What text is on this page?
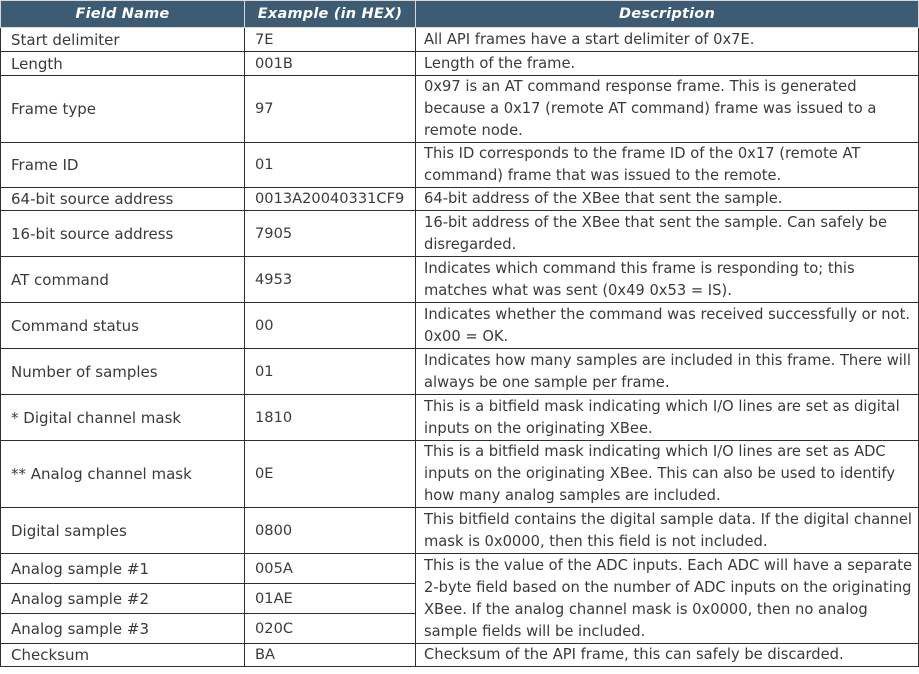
Field Name	Example (in HEX)	Description
Start delimiter	7E	All API frames have a start delimiter of 0x7E.
Length	001B	Length of the frame.
Frame type	97	0x97 is an AT command response frame. This is generated because a 0x17 (remote AT command) frame was issued to a remote node.
Frame ID	01	This ID corresponds to the frame ID of the 0x17 (remote AT command) frame that was issued to the remote.
64-bit source address	0013A20040331CF9	64-bit address of the XBee that sent the sample.
16-bit source address	7905	16-bit address of the XBee that sent the sample. Can safely be disregarded.
AT command	4953	Indicates which command this frame is responding to; this matches what was sent (0x49 0x53 = IS).
Command status	00	Indicates whether the command was received successfully or not. 0x00 = OK.
Number of samples	01	Indicates how many samples are included in this frame. There will always be one sample per frame.
* Digital channel mask	1810	This is a bitfield mask indicating which I/O lines are set as digital inputs on the originating XBee.
** Analog channel mask	0E	This is a bitfield mask indicating which I/O lines are set as ADC inputs on the originating XBee. This can also be used to identify how many analog samples are included.
Digital samples	0800	This bitfield contains the digital sample data. If the digital channel mask is 0x0000, then this field is not included.
Analog sample #1	005A	This is the value of the ADC inputs. Each ADC will have a separate 2-byte field based on the number of ADC inputs on the originating XBee. If the analog channel mask is 0x0000, then no analog sample fields will be included.
Analog sample #2	01AE	
Analog sample #3	020C	
Checksum	BA	Checksum of the API frame, this can safely be discarded.
